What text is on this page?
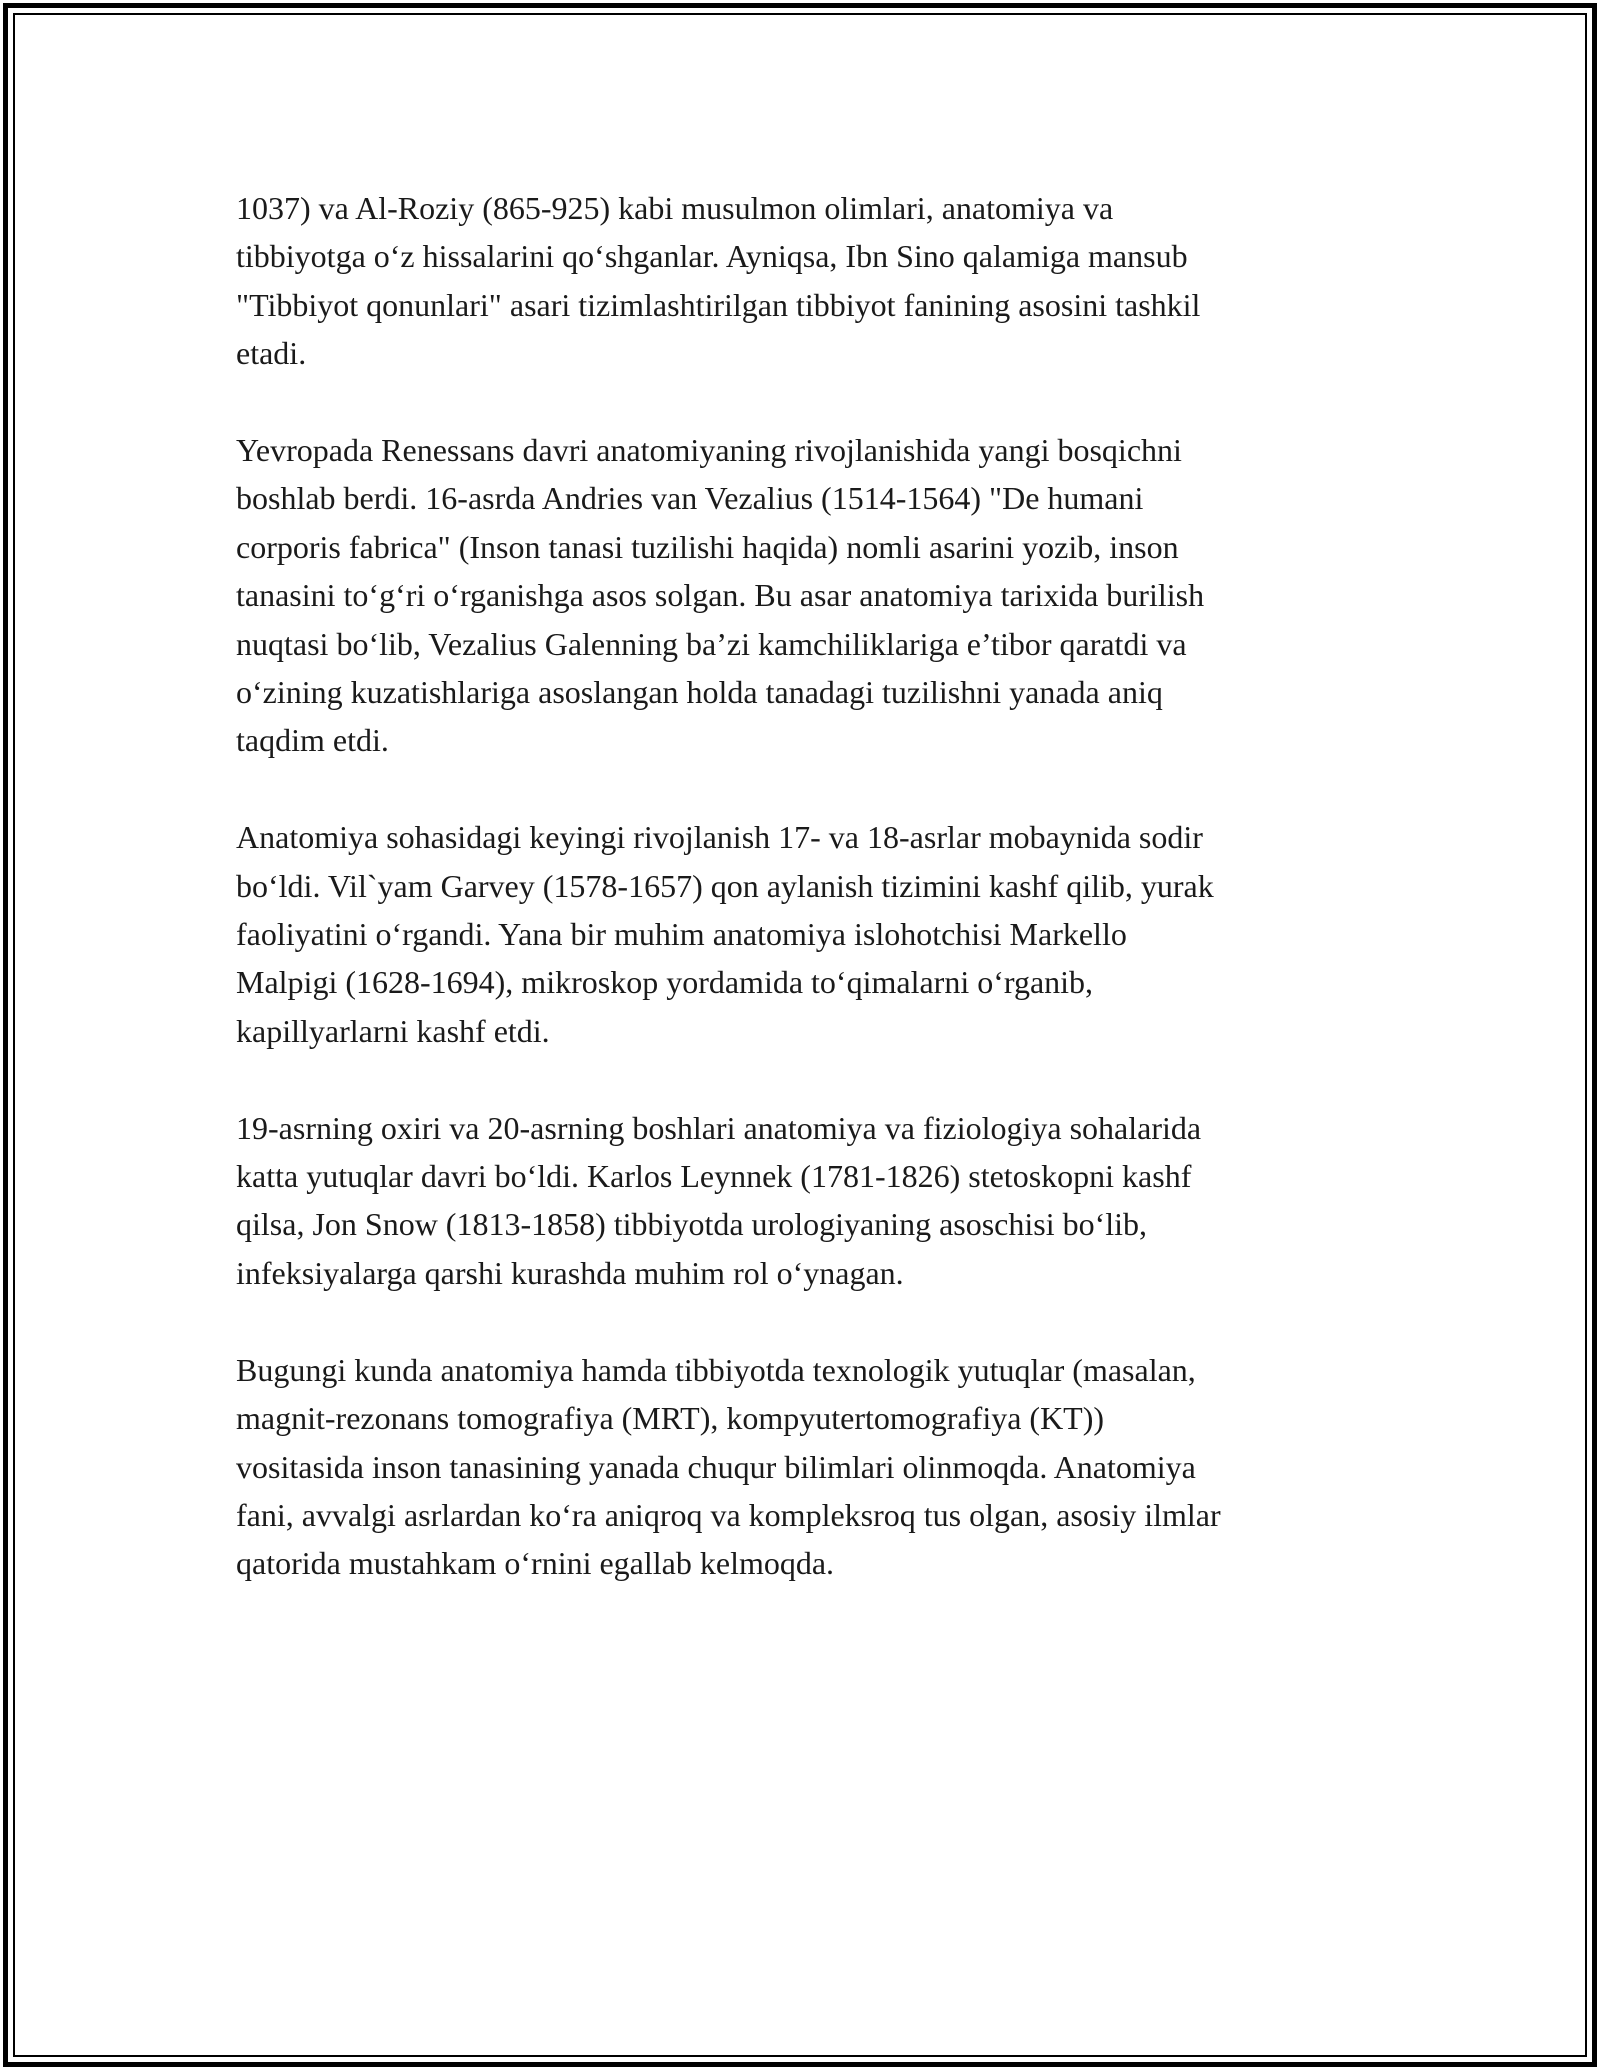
1037) va Al-Roziy (865-925) kabi musulmon olimlari, anatomiya va
tibbiyotga o‘z hissalarini qo‘shganlar. Ayniqsa, Ibn Sino qalamiga mansub
"Tibbiyot qonunlari" asari tizimlashtirilgan tibbiyot fanining asosini tashkil
etadi.

Yevropada Renessans davri anatomiyaning rivojlanishida yangi bosqichni
boshlab berdi. 16-asrda Andries van Vezalius (1514-1564) "De humani
corporis fabrica" (Inson tanasi tuzilishi haqida) nomli asarini yozib, inson
tanasini to‘g‘ri o‘rganishga asos solgan. Bu asar anatomiya tarixida burilish
nuqtasi bo‘lib, Vezalius Galenning ba’zi kamchiliklariga e’tibor qaratdi va
o‘zining kuzatishlariga asoslangan holda tanadagi tuzilishni yanada aniq
taqdim etdi.

Anatomiya sohasidagi keyingi rivojlanish 17- va 18-asrlar mobaynida sodir
bo‘ldi. Vil`yam Garvey (1578-1657) qon aylanish tizimini kashf qilib, yurak
faoliyatini o‘rgandi. Yana bir muhim anatomiya islohotchisi Markello
Malpigi (1628-1694), mikroskop yordamida to‘qimalarni o‘rganib,
kapillyarlarni kashf etdi.

19-asrning oxiri va 20-asrning boshlari anatomiya va fiziologiya sohalarida
katta yutuqlar davri bo‘ldi. Karlos Leynnek (1781-1826) stetoskopni kashf
qilsa, Jon Snow (1813-1858) tibbiyotda urologiyaning asoschisi bo‘lib,
infeksiyalarga qarshi kurashda muhim rol o‘ynagan.

Bugungi kunda anatomiya hamda tibbiyotda texnologik yutuqlar (masalan,
magnit-rezonans tomografiya (MRT), kompyutertomografiya (KT))
vositasida inson tanasining yanada chuqur bilimlari olinmoqda. Anatomiya
fani, avvalgi asrlardan ko‘ra aniqroq va kompleksroq tus olgan, asosiy ilmlar
qatorida mustahkam o‘rnini egallab kelmoqda.
